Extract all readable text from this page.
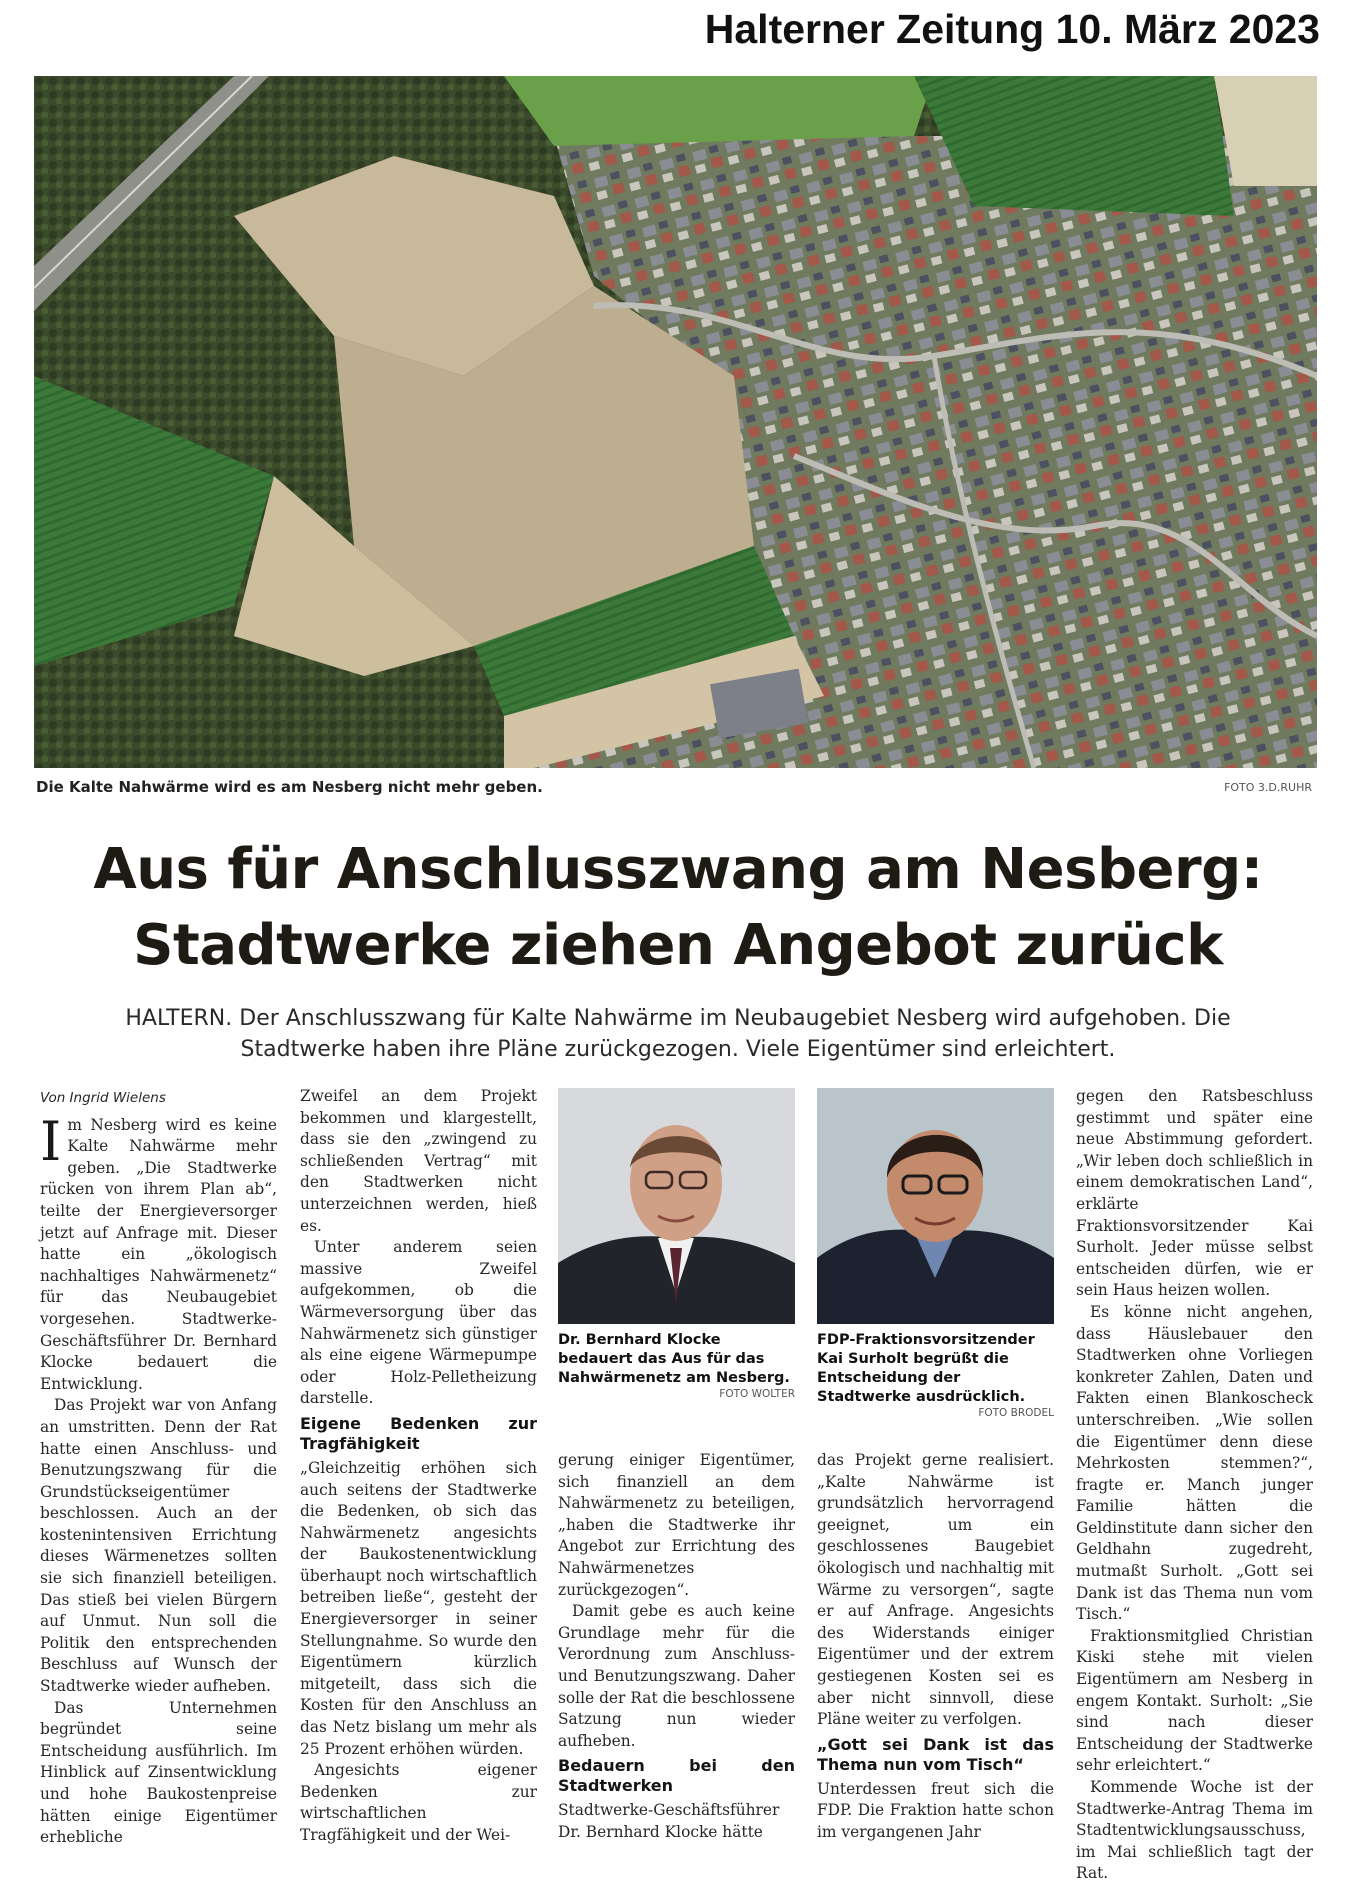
Halterner Zeitung 10. März 2023
Die Kalte Nahwärme wird es am Nesberg nicht mehr geben.	FOTO 3.D.RUHR
Aus für Anschlusszwang am Nesberg:
Stadtwerke ziehen Angebot zurück
HALTERN. Der Anschlusszwang für Kalte Nahwärme im Neubaugebiet Nesberg wird aufgehoben. Die Stadtwerke haben ihre Pläne zurückgezogen. Viele Eigentümer sind erleichtert.
Von Ingrid Wielens

Im Nesberg wird es keine Kalte Nahwärme mehr geben. „Die Stadtwerke rücken von ihrem Plan ab“, teilte der Energieversorger jetzt auf Anfrage mit. Dieser hatte ein „ökologisch nachhaltiges Nahwärmenetz“ für das Neubaugebiet vorgesehen. Stadtwerke-Geschäftsführer Dr. Bernhard Klocke bedauert die Entwicklung.

Das Projekt war von Anfang an umstritten. Denn der Rat hatte einen Anschluss- und Benutzungszwang für die Grundstückseigentümer beschlossen. Auch an der kostenintensiven Errichtung dieses Wärmenetzes sollten sie sich finanziell beteiligen. Das stieß bei vielen Bürgern auf Unmut. Nun soll die Politik den entsprechenden Beschluss auf Wunsch der Stadtwerke wieder aufheben.

Das Unternehmen begründet seine Entscheidung ausführlich. Im Hinblick auf Zinsentwicklung und hohe Baukostenpreise hätten einige Eigentümer erhebliche

Zweifel an dem Projekt bekommen und klargestellt, dass sie den „zwingend zu schließenden Vertrag“ mit den Stadtwerken nicht unterzeichnen werden, hieß es.

Unter anderem seien massive Zweifel aufgekommen, ob die Wärmeversorgung über das Nahwärmenetz sich günstiger als eine eigene Wärmepumpe oder Holz-Pelletheizung darstelle.

Eigene Bedenken zur Tragfähigkeit

„Gleichzeitig erhöhen sich auch seitens der Stadtwerke die Bedenken, ob sich das Nahwärmenetz angesichts der Baukostenentwicklung überhaupt noch wirtschaftlich betreiben ließe“, gesteht der Energieversorger in seiner Stellungnahme. So wurde den Eigentümern kürzlich mitgeteilt, dass sich die Kosten für den Anschluss an das Netz bislang um mehr als 25 Prozent erhöhen würden.

Angesichts eigener Bedenken zur wirtschaftlichen Tragfähigkeit und der Wei-

Dr. Bernhard Klocke bedauert das Aus für das Nahwärmenetz am Nesberg.
FOTO WOLTER
FDP-Fraktionsvorsitzender Kai Surholt begrüßt die Entscheidung der Stadtwerke ausdrücklich.
FOTO BRODEL

gerung einiger Eigentümer, sich finanziell an dem Nahwärmenetz zu beteiligen, „haben die Stadtwerke ihr Angebot zur Errichtung des Nahwärmenetzes zurückgezogen“.

Damit gebe es auch keine Grundlage mehr für die Verordnung zum Anschluss- und Benutzungszwang. Daher solle der Rat die beschlossene Satzung nun wieder aufheben.

Bedauern bei den Stadtwerken

Stadtwerke-Geschäftsführer Dr. Bernhard Klocke hätte

das Projekt gerne realisiert. „Kalte Nahwärme ist grundsätzlich hervorragend geeignet, um ein geschlossenes Baugebiet ökologisch und nachhaltig mit Wärme zu versorgen“, sagte er auf Anfrage. Angesichts des Widerstands einiger Eigentümer und der extrem gestiegenen Kosten sei es aber nicht sinnvoll, diese Pläne weiter zu verfolgen.

„Gott sei Dank ist das Thema nun vom Tisch“

Unterdessen freut sich die FDP. Die Fraktion hatte schon im vergangenen Jahr

gegen den Ratsbeschluss gestimmt und später eine neue Abstimmung gefordert. „Wir leben doch schließlich in einem demokratischen Land“, erklärte Fraktionsvorsitzender Kai Surholt. Jeder müsse selbst entscheiden dürfen, wie er sein Haus heizen wollen.

Es könne nicht angehen, dass Häuslebauer den Stadtwerken ohne Vorliegen konkreter Zahlen, Daten und Fakten einen Blankoscheck unterschreiben. „Wie sollen die Eigentümer denn diese Mehrkosten stemmen?“, fragte er. Manch junger Familie hätten die Geldinstitute dann sicher den Geldhahn zugedreht, mutmaßt Surholt. „Gott sei Dank ist das Thema nun vom Tisch.“

Fraktionsmitglied Christian Kiski stehe mit vielen Eigentümern am Nesberg in engem Kontakt. Surholt: „Sie sind nach dieser Entscheidung der Stadtwerke sehr erleichtert.“

Kommende Woche ist der Stadtwerke-Antrag Thema im Stadtentwicklungsausschuss, im Mai schließlich tagt der Rat.
